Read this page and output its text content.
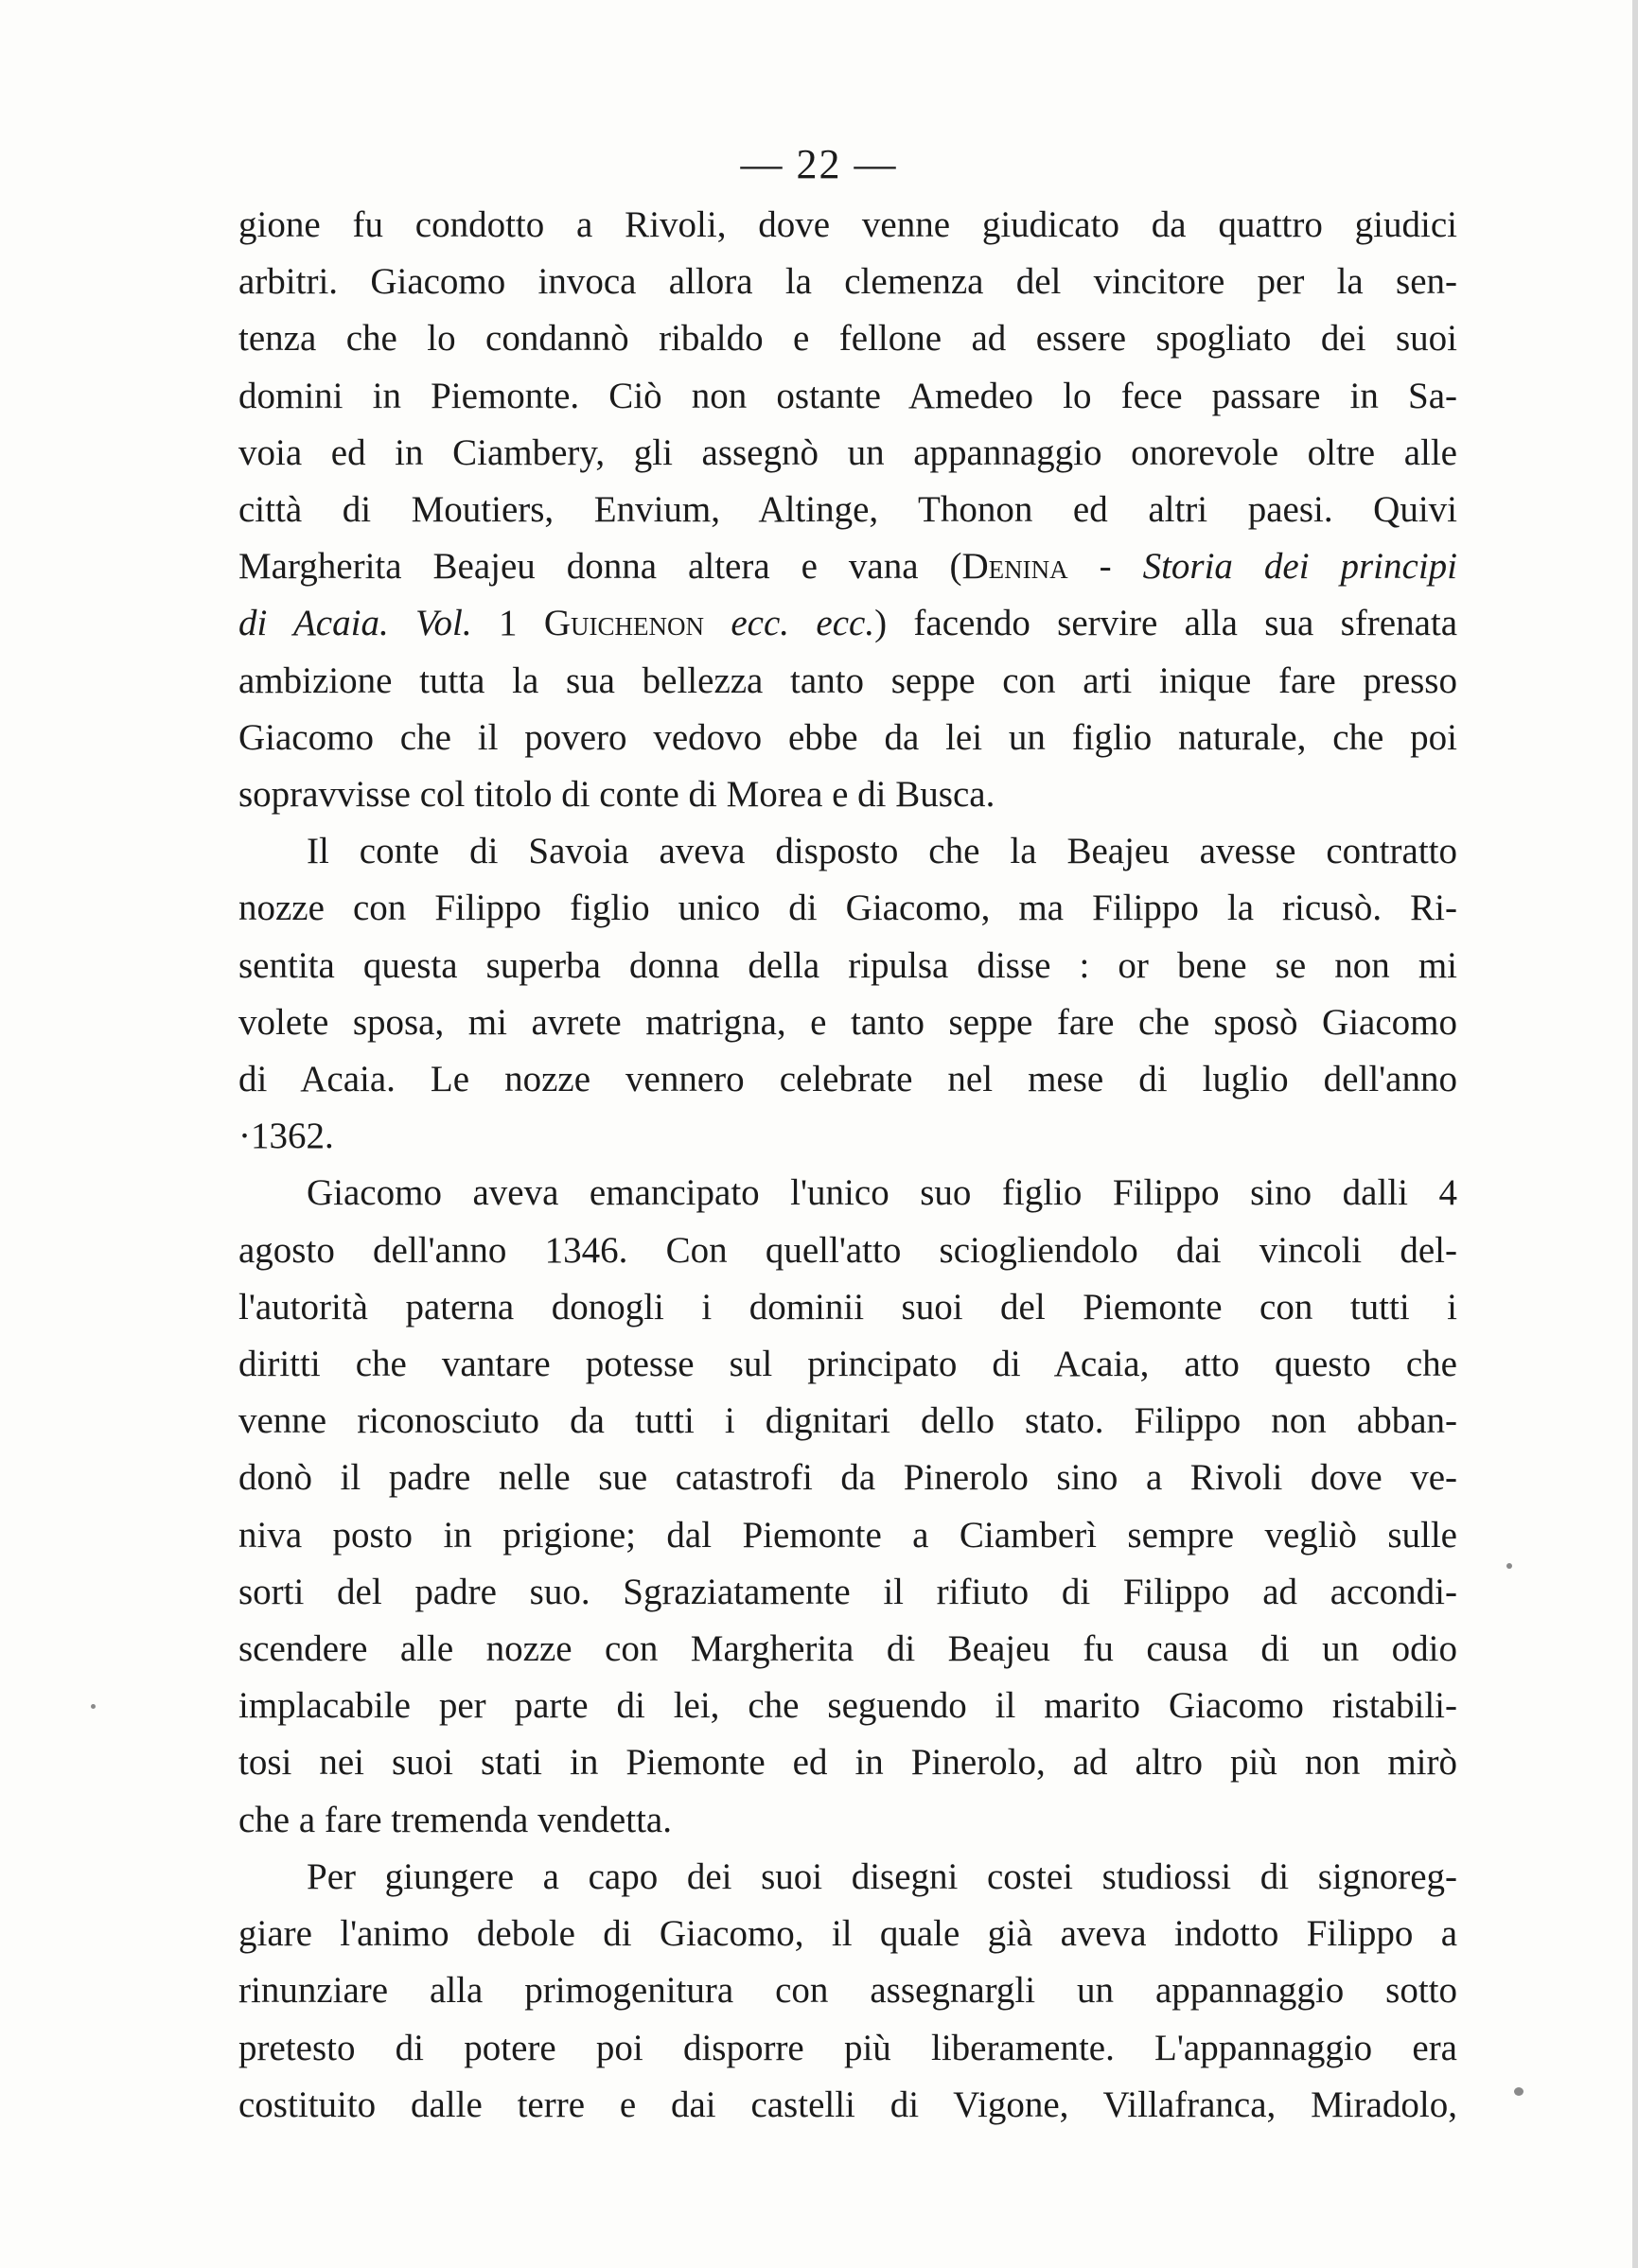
— 22 —
gione fu condotto a Rivoli, dove venne giudicato da quattro giudici
arbitri. Giacomo invoca allora la clemenza del vincitore per la sen-
tenza che lo condannò ribaldo e fellone ad essere spogliato dei suoi
domini in Piemonte. Ciò non ostante Amedeo lo fece passare in Sa-
voia ed in Ciambery, gli assegnò un appannaggio onorevole oltre alle
città di Moutiers, Envium, Altinge, Thonon ed altri paesi. Quivi
Margherita Beajeu donna altera e vana (Denina - Storia dei principi
di Acaia. Vol. 1 Guichenon ecc. ecc.) facendo servire alla sua sfrenata
ambizione tutta la sua bellezza tanto seppe con arti inique fare presso
Giacomo che il povero vedovo ebbe da lei un figlio naturale, che poi
sopravvisse col titolo di conte di Morea e di Busca.
Il conte di Savoia aveva disposto che la Beajeu avesse contratto
nozze con Filippo figlio unico di Giacomo, ma Filippo la ricusò. Ri-
sentita questa superba donna della ripulsa disse : or bene se non mi
volete sposa, mi avrete matrigna, e tanto seppe fare che sposò Giacomo
di Acaia. Le nozze vennero celebrate nel mese di luglio dell'anno
·1362.
Giacomo aveva emancipato l'unico suo figlio Filippo sino dalli 4
agosto dell'anno 1346. Con quell'atto sciogliendolo dai vincoli del-
l'autorità paterna donogli i dominii suoi del Piemonte con tutti i
diritti che vantare potesse sul principato di Acaia, atto questo che
venne riconosciuto da tutti i dignitari dello stato. Filippo non abban-
donò il padre nelle sue catastrofi da Pinerolo sino a Rivoli dove ve-
niva posto in prigione; dal Piemonte a Ciamberì sempre vegliò sulle
sorti del padre suo. Sgraziatamente il rifiuto di Filippo ad accondi-
scendere alle nozze con Margherita di Beajeu fu causa di un odio
implacabile per parte di lei, che seguendo il marito Giacomo ristabili-
tosi nei suoi stati in Piemonte ed in Pinerolo, ad altro più non mirò
che a fare tremenda vendetta.
Per giungere a capo dei suoi disegni costei studiossi di signoreg-
giare l'animo debole di Giacomo, il quale già aveva indotto Filippo a
rinunziare alla primogenitura con assegnargli un appannaggio sotto
pretesto di potere poi disporre più liberamente. L'appannaggio era
costituito dalle terre e dai castelli di Vigone, Villafranca, Miradolo,
